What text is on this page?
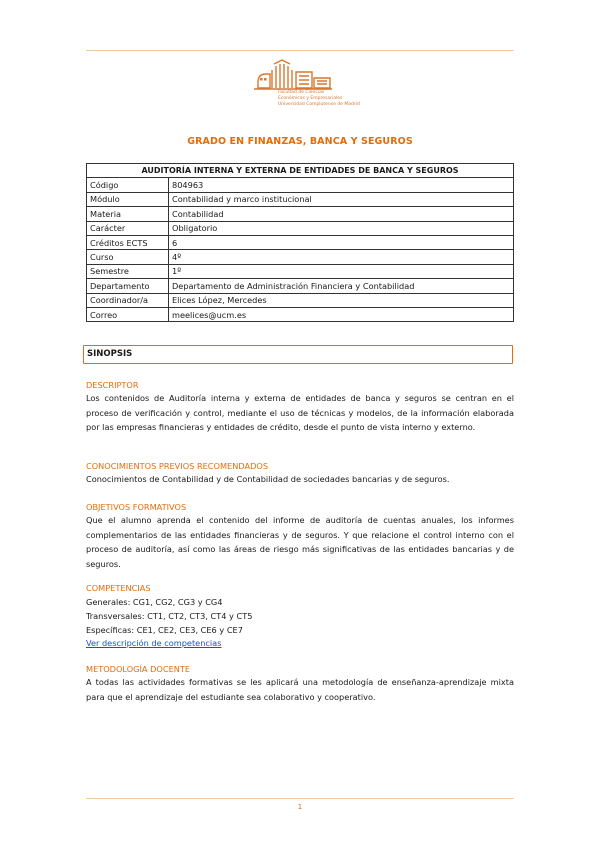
Facultad de Ciencias
Económicas y Empresariales
Universidad Complutense de Madrid
GRADO EN FINANZAS, BANCA Y SEGUROS
AUDITORÍA INTERNA Y EXTERNA DE ENTIDADES DE BANCA Y SEGUROS	
Código	804963
Módulo	Contabilidad y marco institucional
Materia	Contabilidad
Carácter	Obligatorio
Créditos ECTS	6
Curso	4º
Semestre	1º
Departamento	Departamento de Administración Financiera y Contabilidad
Coordinador/a	Elices López, Mercedes
Correo	meelices@ucm.es
SINOPSIS
DESCRIPTOR

Los contenidos de Auditoría interna y externa de entidades de banca y seguros se centran en el proceso de verificación y control, mediante el uso de técnicas y modelos, de la información elaborada por las empresas financieras y entidades de crédito, desde el punto de vista interno y externo.

CONOCIMIENTOS PREVIOS RECOMENDADOS

Conocimientos de Contabilidad y de Contabilidad de sociedades bancarias y de seguros.

OBJETIVOS FORMATIVOS

Que el alumno aprenda el contenido del informe de auditoría de cuentas anuales, los informes complementarios de las entidades financieras y de seguros. Y que relacione el control interno con el proceso de auditoría, así como las áreas de riesgo más significativas de las entidades bancarias y de seguros.

COMPETENCIAS
Generales: CG1, CG2, CG3 y CG4
Transversales: CT1, CT2, CT3, CT4 y CT5
Específicas: CE1, CE2, CE3, CE6 y CE7
Ver descripción de competencias
METODOLOGÍA DOCENTE

A todas las actividades formativas se les aplicará una metodología de enseñanza-aprendizaje mixta para que el aprendizaje del estudiante sea colaborativo y cooperativo.

1
